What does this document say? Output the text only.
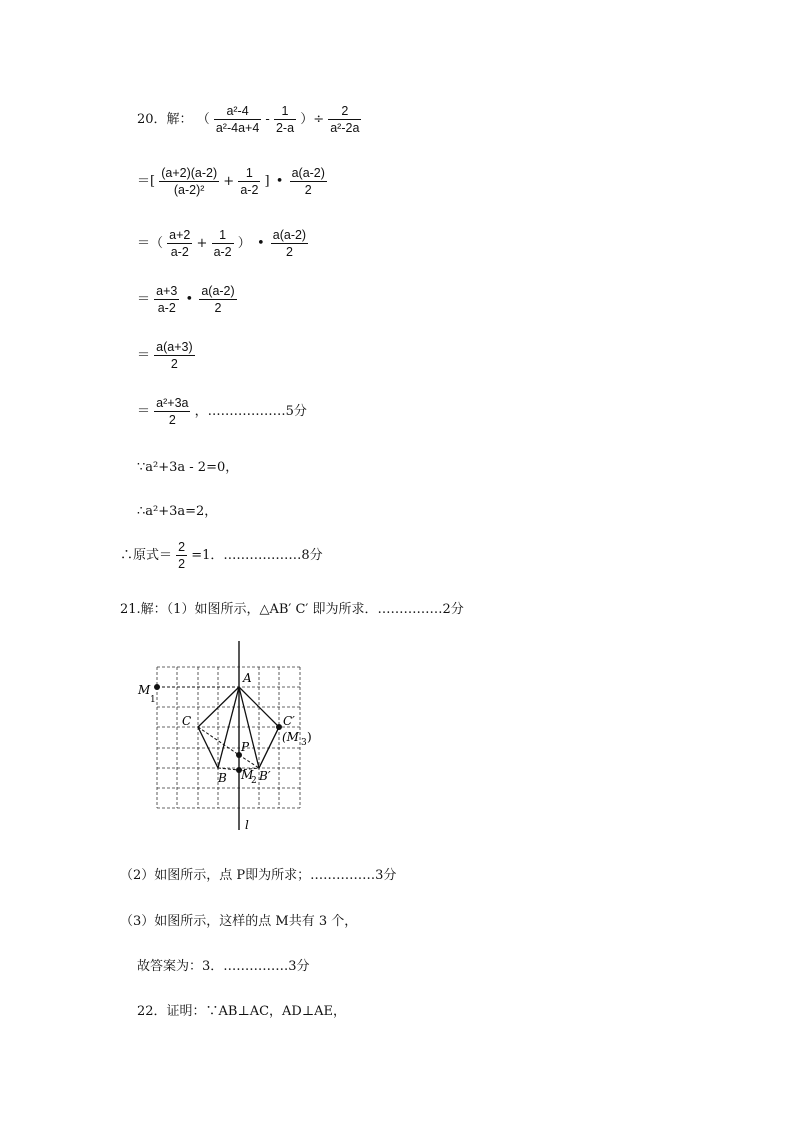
20．解： （ $\frac{\text{a²-4}}{\text{a²-4a+4}} - \frac{1}{2-a}$ ）÷ $\frac{2}{\text{a²-2a}}$
＝[ $\frac{(a+2)(a-2)}{\text{(a-2)²}} + \frac{1}{a-2}$ ] • $\frac{a(a-2)}{2}$
＝（ $\frac{a+2}{a-2} + \frac{1}{a-2}$ ） • $\frac{a(a-2)}{2}$
＝ $\frac{a+3}{a-2}$ • $\frac{a(a-2)}{2}$
＝ $\frac{a(a+3)}{2}$
＝ $\frac{\text{a²+3a}}{2}$ ，………………5分
∵a²+3a - 2=0，
∴a²+3a=2，
∴原式＝ $\frac{2}{2} =1$．………………8分
21.解：（1）如图所示，△AB′ C′ 即为所求．……………2分
A
M
1
C	C′
(M 3 )
P
B M
2 B′
l
（2）如图所示，点 P即为所求；……………3分
（3）如图所示，这样的点 M共有 3 个，
故答案为：3．……………3分
22．证明：∵AB⊥AC，AD⊥AE，
